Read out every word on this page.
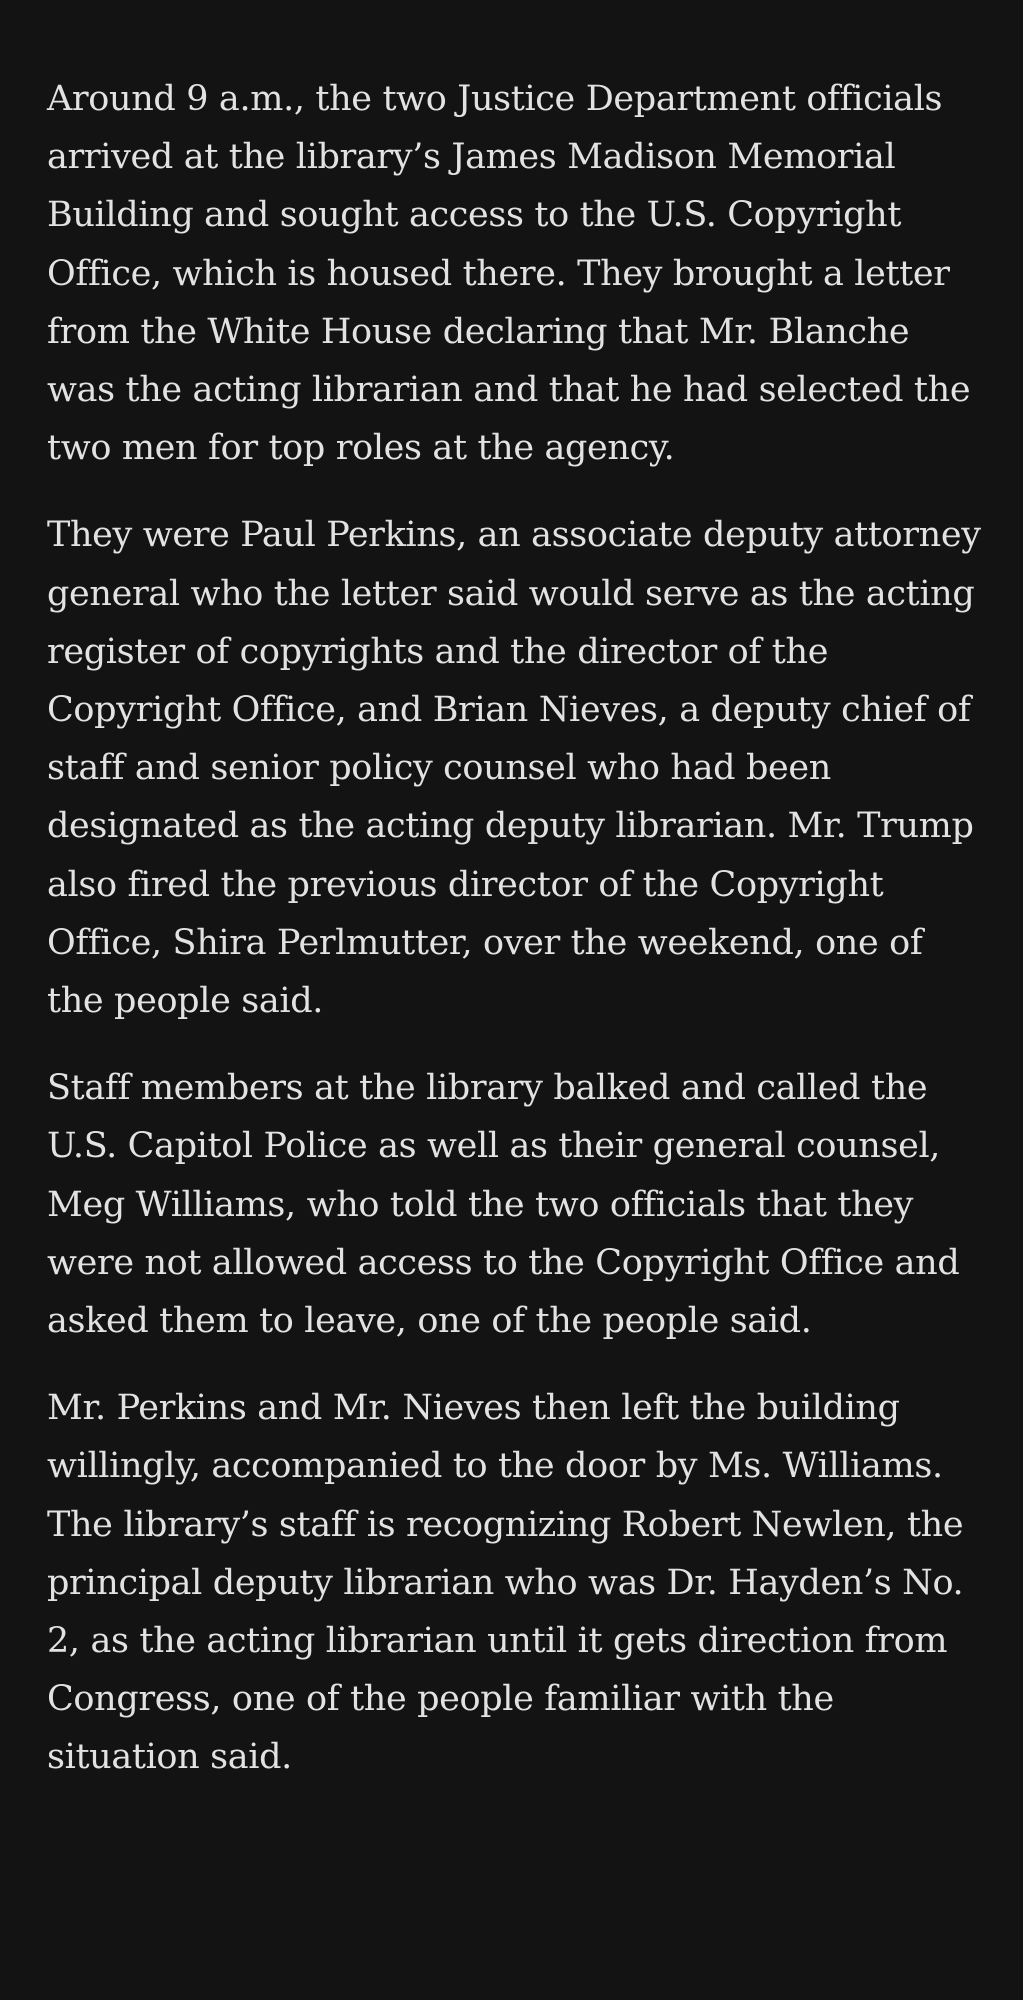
Around 9 a.m., the two Justice Department officials arrived at the library’s James Madison Memorial Building and sought access to the U.S. Copyright Office, which is housed there. They brought a letter from the White House declaring that Mr. Blanche was the acting librarian and that he had selected the two men for top roles at the agency.

They were Paul Perkins, an associate deputy attorney general who the letter said would serve as the acting register of copyrights and the director of the Copyright Office, and Brian Nieves, a deputy chief of staff and senior policy counsel who had been designated as the acting deputy librarian. Mr. Trump also fired the previous director of the Copyright Office, Shira Perlmutter, over the weekend, one of the people said.

Staff members at the library balked and called the U.S. Capitol Police as well as their general counsel, Meg Williams, who told the two officials that they were not allowed access to the Copyright Office and asked them to leave, one of the people said.

Mr. Perkins and Mr. Nieves then left the building willingly, accompanied to the door by Ms. Williams. The library’s staff is recognizing Robert Newlen, the principal deputy librarian who was Dr. Hayden’s No. 2, as the acting librarian until it gets direction from Congress, one of the people familiar with the situation said.
